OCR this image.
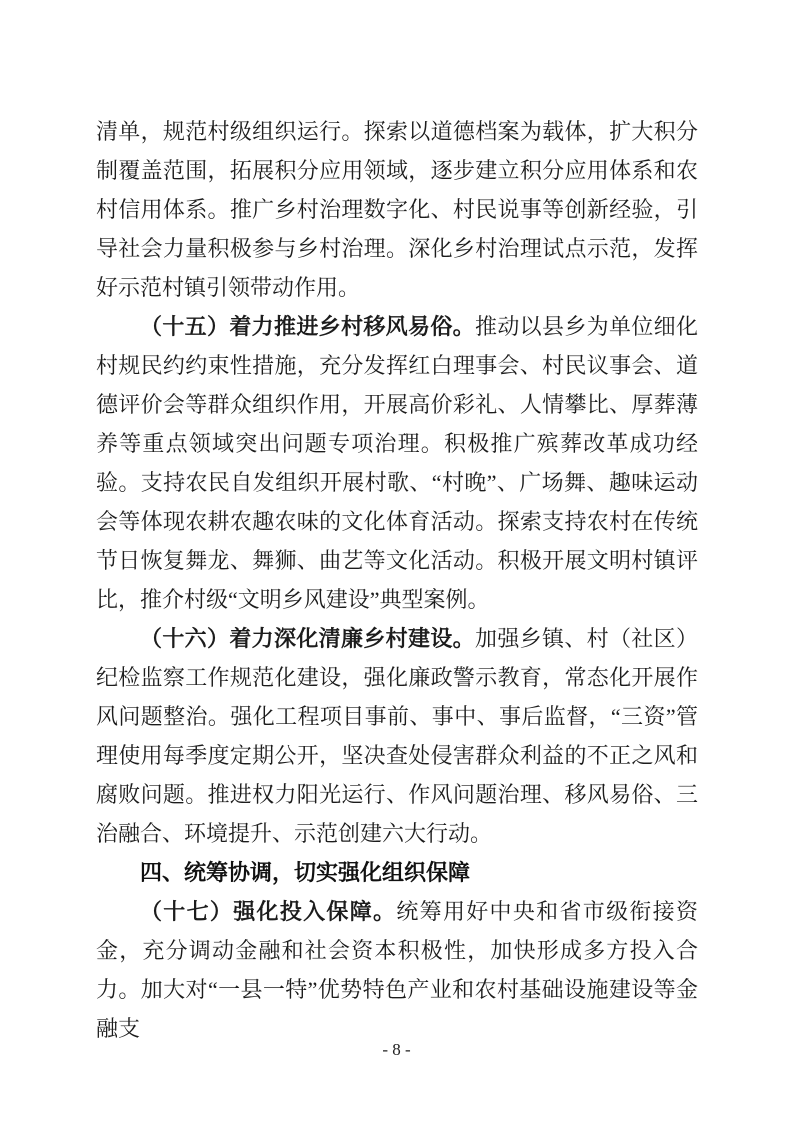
清单，规范村级组织运行。探索以道德档案为载体，扩大积分制覆盖范围，拓展积分应用领域，逐步建立积分应用体系和农村信用体系。推广乡村治理数字化、村民说事等创新经验，引导社会力量积极参与乡村治理。深化乡村治理试点示范，发挥好示范村镇引领带动作用。

（十五）着力推进乡村移风易俗。推动以县乡为单位细化村规民约约束性措施，充分发挥红白理事会、村民议事会、道德评价会等群众组织作用，开展高价彩礼、人情攀比、厚葬薄养等重点领域突出问题专项治理。积极推广殡葬改革成功经验。支持农民自发组织开展村歌、“村晚”、广场舞、趣味运动会等体现农耕农趣农味的文化体育活动。探索支持农村在传统节日恢复舞龙、舞狮、曲艺等文化活动。积极开展文明村镇评比，推介村级“文明乡风建设”典型案例。

（十六）着力深化清廉乡村建设。加强乡镇、村（社区）纪检监察工作规范化建设，强化廉政警示教育，常态化开展作风问题整治。强化工程项目事前、事中、事后监督，“三资”管理使用每季度定期公开，坚决查处侵害群众利益的不正之风和腐败问题。推进权力阳光运行、作风问题治理、移风易俗、三治融合、环境提升、示范创建六大行动。

四、统筹协调，切实强化组织保障

（十七）强化投入保障。统筹用好中央和省市级衔接资金，充分调动金融和社会资本积极性，加快形成多方投入合力。加大对“一县一特”优势特色产业和农村基础设施建设等金融支

- 8 -
